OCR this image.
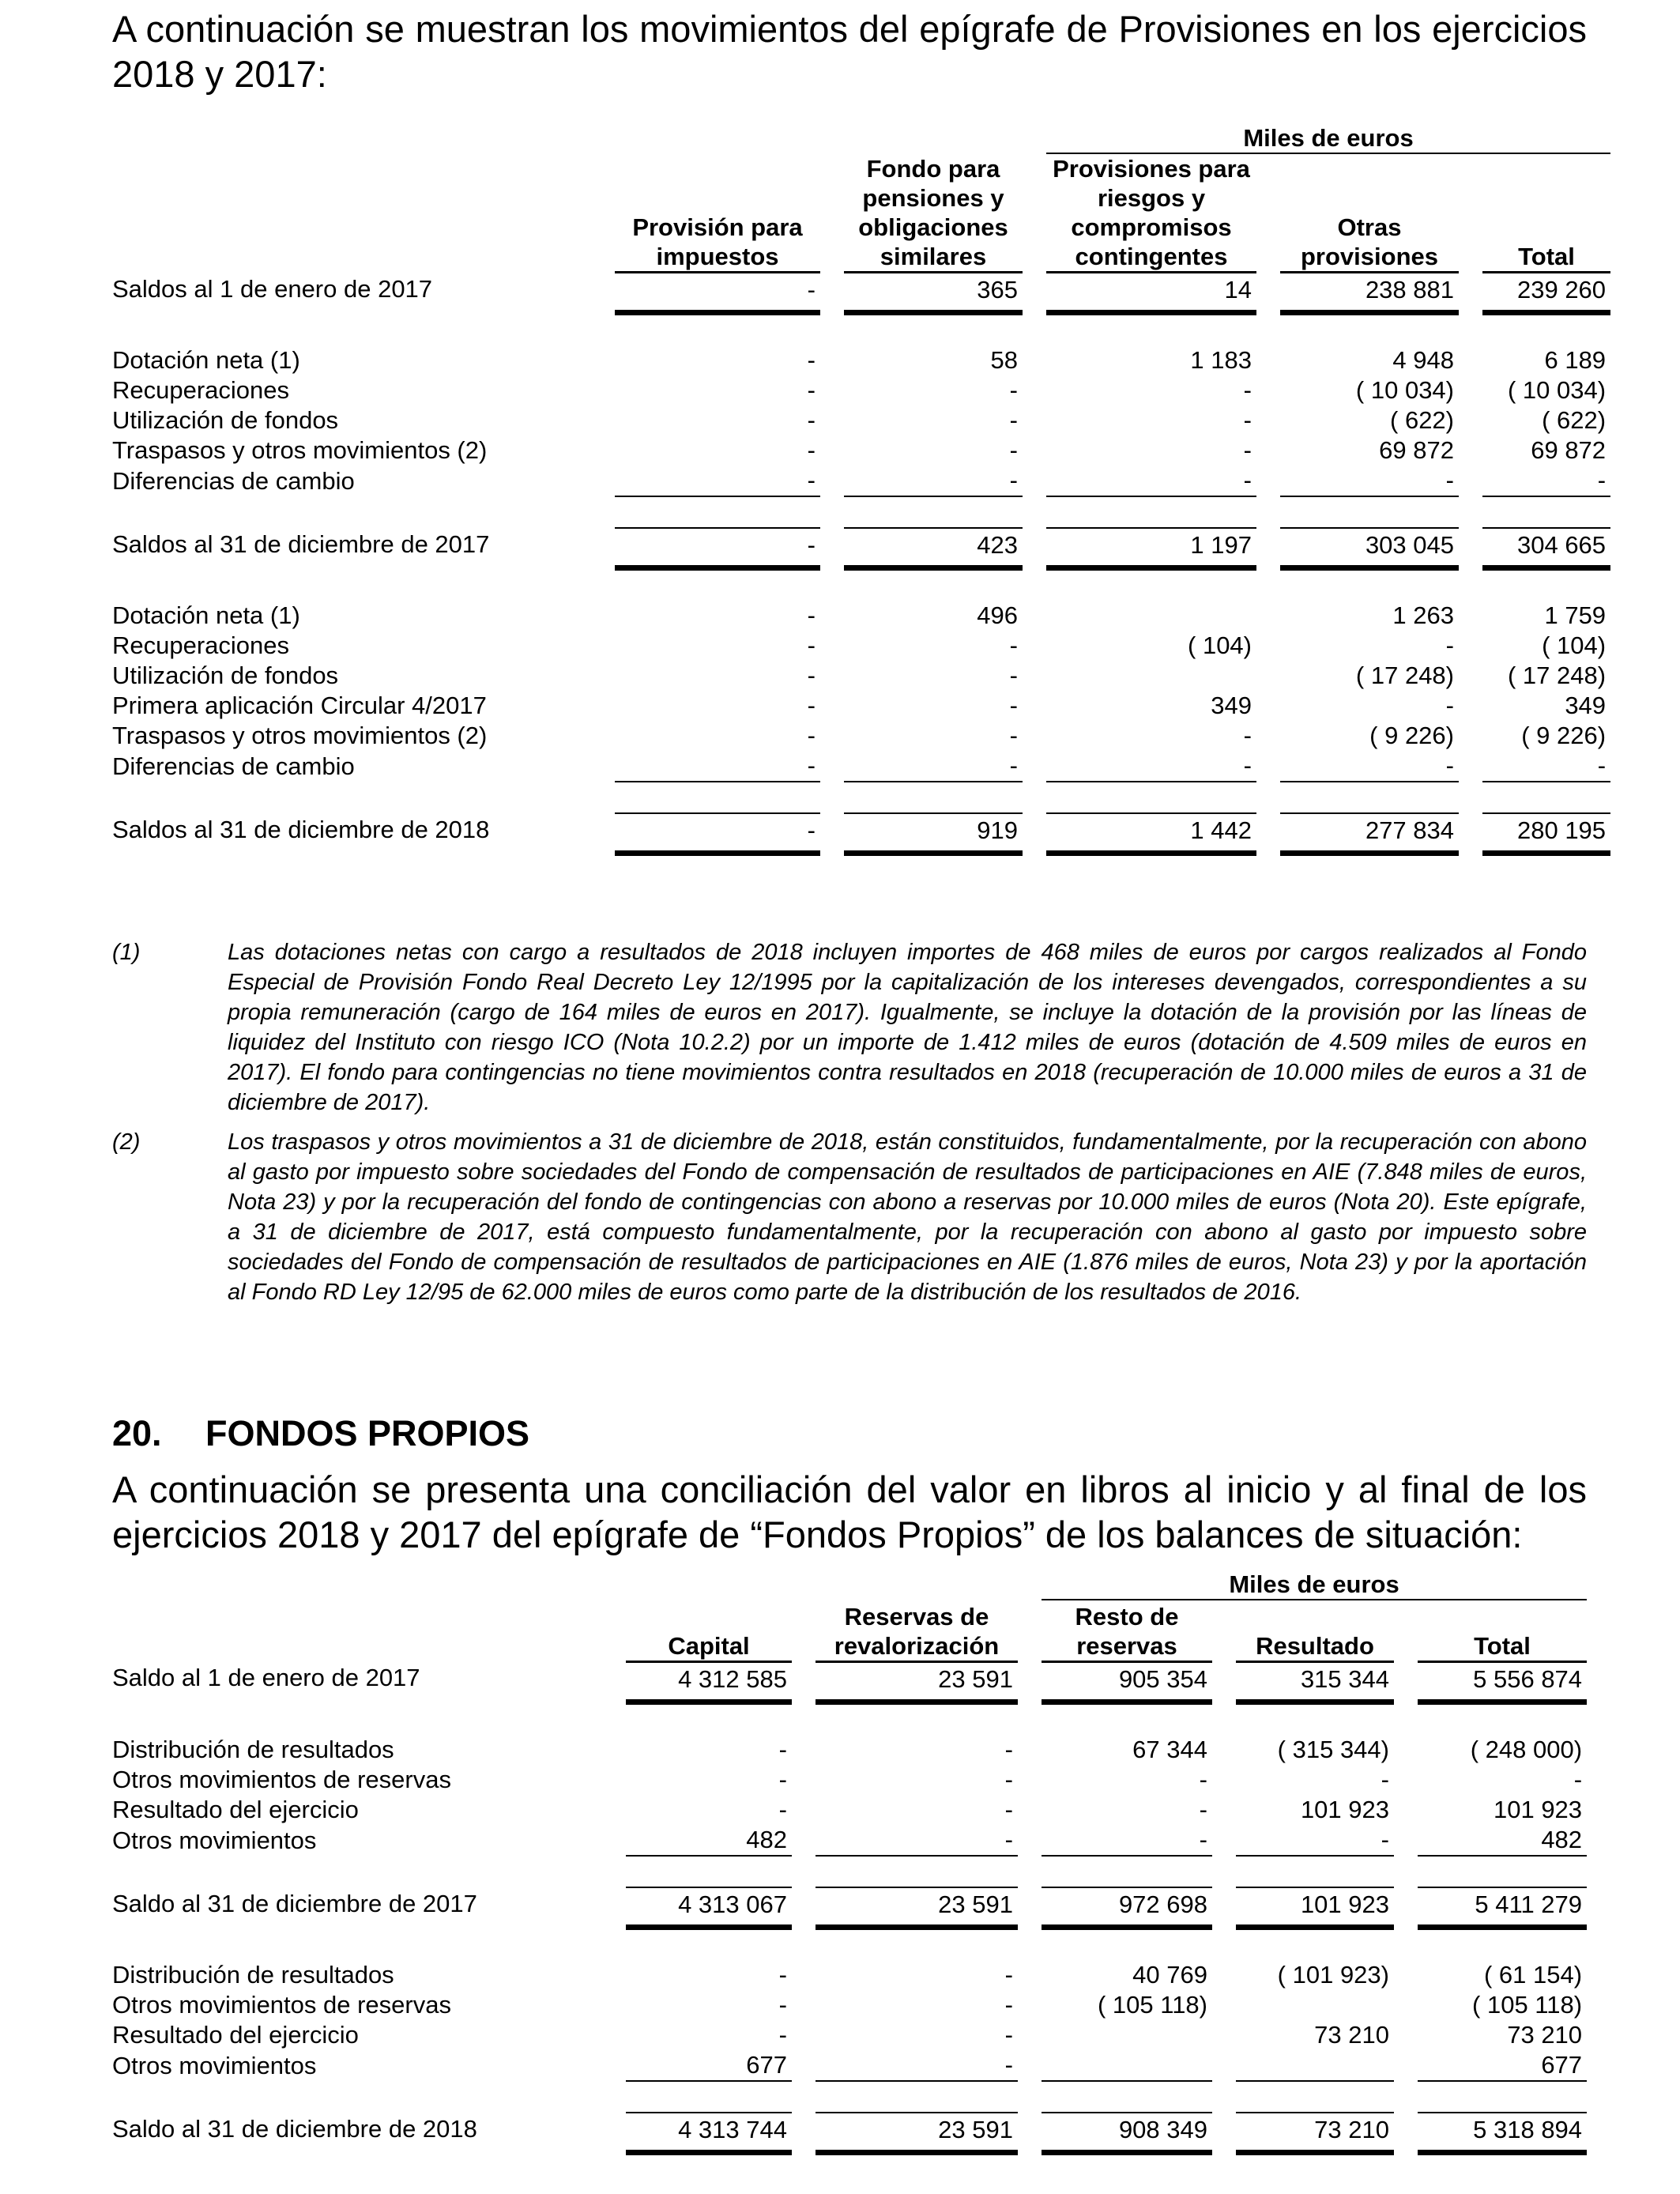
A continuación se muestran los movimientos del epígrafe de Provisiones en los ejercicios 2018 y 2017:

					Miles de euros				
	Provisión para impuestos		Fondo para pensiones y obligaciones similares		Provisiones para riesgos y compromisos contingentes		Otras provisiones		Total
Saldos al 1 de enero de 2017	-		365		14		238 881		239 260

Dotación neta (1)	-		58		1 183		4 948		6 189
Recuperaciones	-		-		-		( 10 034)		( 10 034)
Utilización de fondos	-		-		-		( 622)		( 622)
Traspasos y otros movimientos (2)	-		-		-		69 872		69 872
Diferencias de cambio	-		-		-		-		-

Saldos al 31 de diciembre de 2017	-		423		1 197		303 045		304 665

Dotación neta (1)	-		496				1 263		1 759
Recuperaciones	-		-		( 104)		-		( 104)
Utilización de fondos	-		-				( 17 248)		( 17 248)
Primera aplicación Circular 4/2017	-		-		349		-		349
Traspasos y otros movimientos (2)	-		-		-		( 9 226)		( 9 226)
Diferencias de cambio	-		-		-		-		-

Saldos al 31 de diciembre de 2018	-		919		1 442		277 834		280 195
(1)	Las dotaciones netas con cargo a resultados de 2018 incluyen importes de 468 miles de euros por cargos realizados al Fondo Especial de Provisión Fondo Real Decreto Ley 12/1995 por la capitalización de los intereses devengados, correspondientes a su propia remuneración (cargo de 164 miles de euros en 2017). Igualmente, se incluye la dotación de la provisión por las líneas de liquidez del Instituto con riesgo ICO (Nota 10.2.2) por un importe de 1.412 miles de euros (dotación de 4.509 miles de euros en 2017). El fondo para contingencias no tiene movimientos contra resultados en 2018 (recuperación de 10.000 miles de euros a 31 de diciembre de 2017).
(2)	Los traspasos y otros movimientos a 31 de diciembre de 2018, están constituidos, fundamentalmente, por la recuperación con abono al gasto por impuesto sobre sociedades del Fondo de compensación de resultados de participaciones en AIE (7.848 miles de euros, Nota 23) y por la recuperación del fondo de contingencias con abono a reservas por 10.000 miles de euros (Nota 20). Este epígrafe, a 31 de diciembre de 2017, está compuesto fundamentalmente, por la recuperación con abono al gasto por impuesto sobre sociedades del Fondo de compensación de resultados de participaciones en AIE (1.876 miles de euros, Nota 23) y por la aportación al Fondo RD Ley 12/95 de 62.000 miles de euros como parte de la distribución de los resultados de 2016.
20. FONDOS PROPIOS

A continuación se presenta una conciliación del valor en libros al inicio y al final de los ejercicios 2018 y 2017 del epígrafe de “Fondos Propios” de los balances de situación:

					Miles de euros				
	Capital		Reservas de revalorización		Resto de reservas		Resultado		Total
Saldo al 1 de enero de 2017	4 312 585		23 591		905 354		315 344		5 556 874

Distribución de resultados	-		-		67 344		( 315 344)		( 248 000)
Otros movimientos de reservas	-		-		-		-		-
Resultado del ejercicio	-		-		-		101 923		101 923
Otros movimientos	482		-		-		-		482

Saldo al 31 de diciembre de 2017	4 313 067		23 591		972 698		101 923		5 411 279

Distribución de resultados	-		-		40 769		( 101 923)		( 61 154)
Otros movimientos de reservas	-		-		( 105 118)				( 105 118)
Resultado del ejercicio	-		-				73 210		73 210
Otros movimientos	677		-						677

Saldo al 31 de diciembre de 2018	4 313 744		23 591		908 349		73 210		5 318 894
